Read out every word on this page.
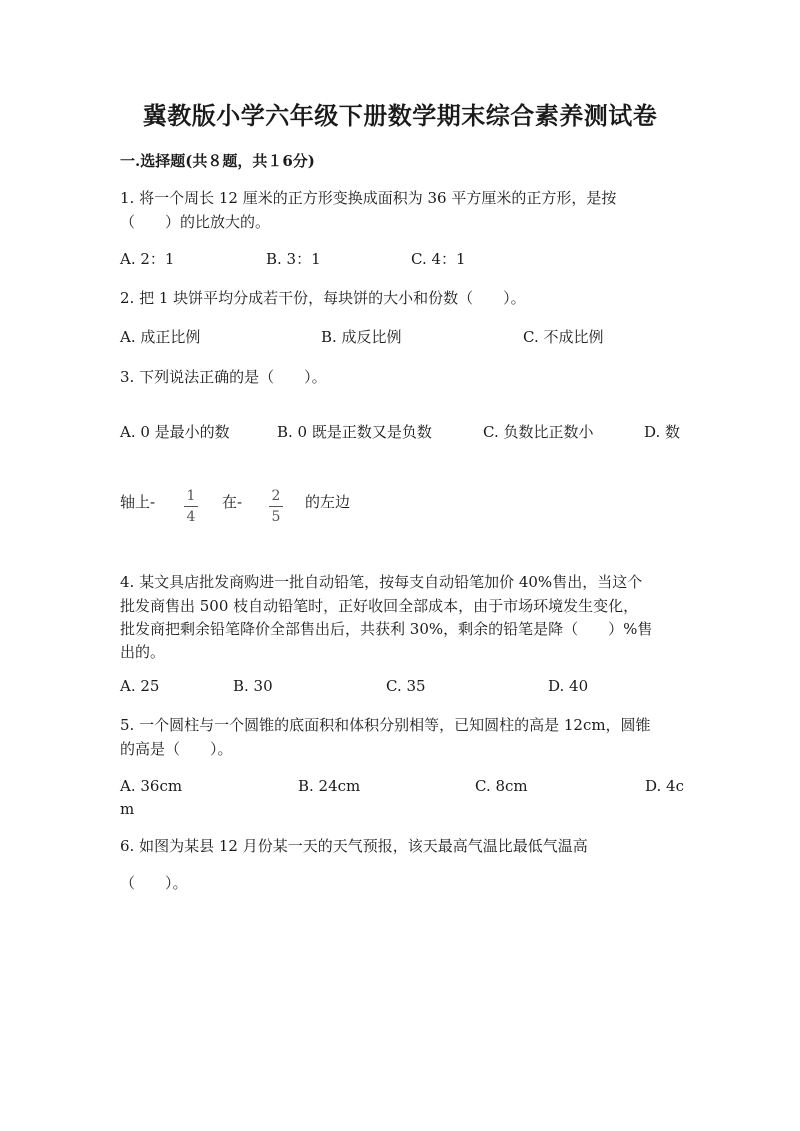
冀教版小学六年级下册数学期末综合素养测试卷
一.选择题(共８题，共１6分)
1. 将一个周长 12 厘米的正方形变换成面积为 36 平方厘米的正方形，是按
（　　）的比放大的。
A. 2：1	B. 3：1	C. 4：1
2. 把 1 块饼平均分成若干份，每块饼的大小和份数（　　）。
A. 成正比例	B. 成反比例	C. 不成比例
3. 下列说法正确的是（　　）。
A. 0 是最小的数	B. 0 既是正数又是负数	C. 负数比正数小	D. 数
轴上- 1
4
在- 2
5
的左边
4. 某文具店批发商购进一批自动铅笔，按每支自动铅笔加价 40%售出，当这个
批发商售出 500 枝自动铅笔时，正好收回全部成本，由于市场环境发生变化，
批发商把剩余铅笔降价全部售出后，共获利 30%，剩余的铅笔是降（　　）%售
出的。
A. 25	B. 30	C. 35	D. 40
5. 一个圆柱与一个圆锥的底面积和体积分别相等，已知圆柱的高是 12cm，圆锥
的高是（　　）。
A. 36cm	B. 24cm	C. 8cm	D. 4c
m
6. 如图为某县 12 月份某一天的天气预报，该天最高气温比最低气温高
（　　）。
